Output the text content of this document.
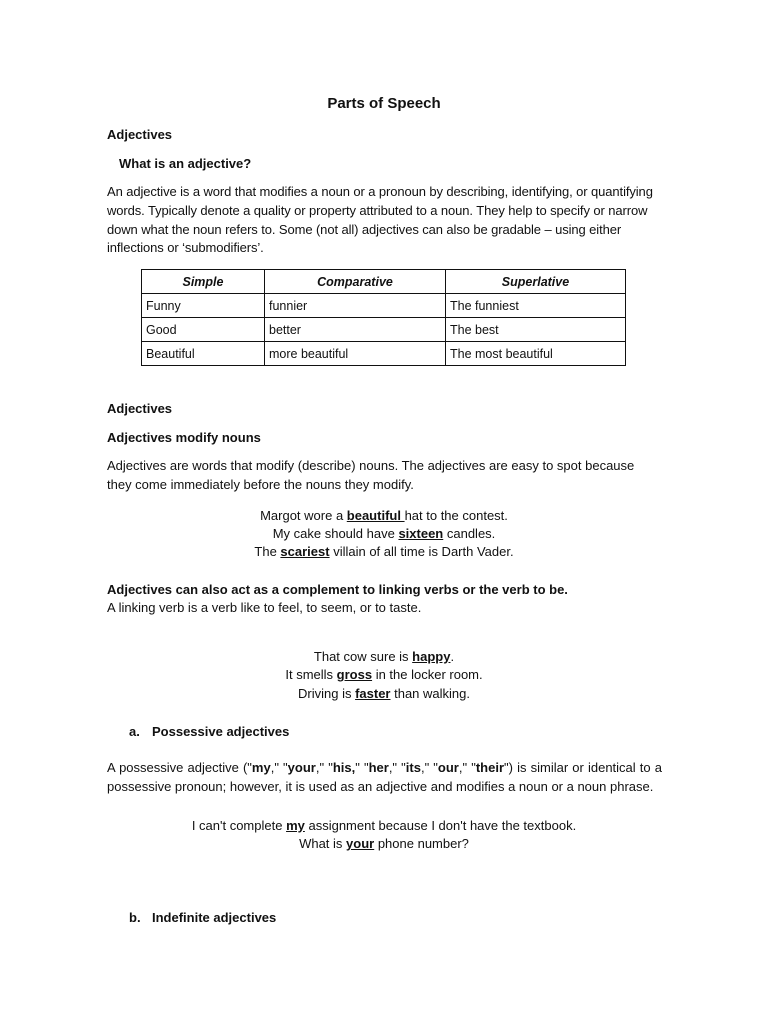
Parts of Speech
Adjectives
What is an adjective?
An adjective is a word that modifies a noun or a pronoun by describing, identifying, or quantifying words. Typically denote a quality or property attributed to a noun. They help to specify or narrow down what the noun refers to. Some (not all) adjectives can also be gradable – using either inflections or ‘submodifiers’.
Simple	Comparative	Superlative
Funny	funnier	The funniest
Good	better	The best
Beautiful	more beautiful	The most beautiful
Adjectives
Adjectives modify nouns
Adjectives are words that modify (describe) nouns. The adjectives are easy to spot because they come immediately before the nouns they modify.
Margot wore a beautiful hat to the contest.
My cake should have sixteen candles.
The scariest villain of all time is Darth Vader.
Adjectives can also act as a complement to linking verbs or the verb to be.
A linking verb is a verb like to feel, to seem, or to taste.
That cow sure is happy.
It smells gross in the locker room.
Driving is faster than walking.
a. Possessive adjectives
A possessive adjective ("my," "your," "his," "her," "its," "our," "their") is similar or identical to a possessive pronoun; however, it is used as an adjective and modifies a noun or a noun phrase.
I can't complete my assignment because I don't have the textbook.
What is your phone number?
b. Indefinite adjectives
